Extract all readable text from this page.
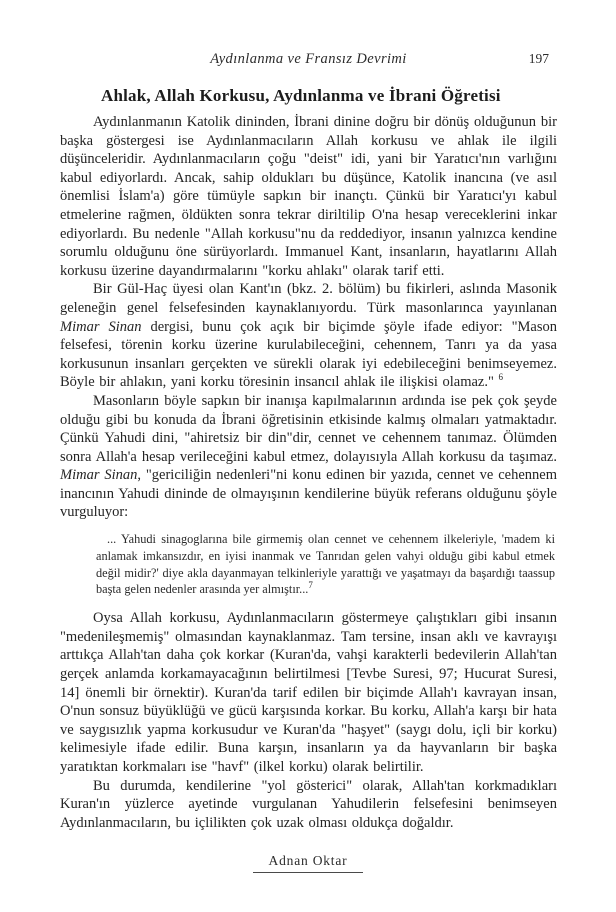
Aydınlanma ve Fransız Devrimi	197
Ahlak, Allah Korkusu, Aydınlanma ve İbrani Öğretisi

Aydınlanmanın Katolik dininden, İbrani dinine doğru bir dönüş olduğunun bir başka göstergesi ise Aydınlanmacıların Allah korkusu ve ahlak ile ilgili düşünceleridir. Aydınlanmacıların çoğu "deist" idi, yani bir Yaratıcı'nın varlığını kabul ediyorlardı. Ancak, sahip oldukları bu düşünce, Katolik inancına (ve asıl önemlisi İslam'a) göre tümüyle sapkın bir inançtı. Çünkü bir Yaratıcı'yı kabul etmelerine rağmen, öldükten sonra tekrar diriltilip O'na hesap vereceklerini inkar ediyorlardı. Bu nedenle "Allah korkusu"nu da reddediyor, insanın yalnızca kendine sorumlu olduğunu öne sürüyorlardı. Immanuel Kant, insanların, hayatlarını Allah korkusu üzerine dayandırmalarını "korku ahlakı" olarak tarif etti.

Bir Gül-Haç üyesi olan Kant'ın (bkz. 2. bölüm) bu fikirleri, aslında Masonik geleneğin genel felsefesinden kaynaklanıyordu. Türk masonlarınca yayınlanan Mimar Sinan dergisi, bunu çok açık bir biçimde şöyle ifade ediyor: "Mason felsefesi, törenin korku üzerine kurulabileceğini, cehennem, Tanrı ya da yasa korkusunun insanları gerçekten ve sürekli olarak iyi edebileceğini benimseyemez. Böyle bir ahlakın, yani korku töresinin insancıl ahlak ile ilişkisi olamaz." $^6$

Masonların böyle sapkın bir inanışa kapılmalarının ardında ise pek çok şeyde olduğu gibi bu konuda da İbrani öğretisinin etkisinde kalmış olmaları yatmaktadır. Çünkü Yahudi dini, "ahiretsiz bir din"dir, cennet ve cehennem tanımaz. Ölümden sonra Allah'a hesap verileceğini kabul etmez, dolayısıyla Allah korkusu da taşımaz. Mimar Sinan, "gericiliğin nedenleri"ni konu edinen bir yazıda, cennet ve cehennem inancının Yahudi dininde de olmayışının kendilerine büyük referans olduğunu şöyle vurguluyor:

... Yahudi sinagoglarına bile girmemiş olan cennet ve cehennem ilkeleriyle, 'madem ki anlamak imkansızdır, en iyisi inanmak ve Tanrıdan gelen vahyi olduğu gibi kabul etmek değil midir?' diye akla dayanmayan telkinleriyle yarattığı ve yaşatmayı da başardığı taassup başta gelen nedenler arasında yer almıştır...$^7$

Oysa Allah korkusu, Aydınlanmacıların göstermeye çalıştıkları gibi insanın "medenileşmemiş" olmasından kaynaklanmaz. Tam tersine, insan aklı ve kavrayışı arttıkça Allah'tan daha çok korkar (Kuran'da, vahşi karakterli bedevilerin Allah'tan gerçek anlamda korkamayacağının belirtilmesi [Tevbe Suresi, 97; Hucurat Suresi, 14] önemli bir örnektir). Kuran'da tarif edilen bir biçimde Allah'ı kavrayan insan, O'nun sonsuz büyüklüğü ve gücü karşısında korkar. Bu korku, Allah'a karşı bir hata ve saygısızlık yapma korkusudur ve Kuran'da "haşyet" (saygı dolu, içli bir korku) kelimesiyle ifade edilir. Buna karşın, insanların ya da hayvanların bir başka yaratıktan korkmaları ise "havf" (ilkel korku) olarak belirtilir.

Bu durumda, kendilerine "yol gösterici" olarak, Allah'tan korkmadıkları Kuran'ın yüzlerce ayetinde vurgulanan Yahudilerin felsefesini benimseyen Aydınlanmacıların, bu içlilikten çok uzak olması oldukça doğaldır.

Adnan Oktar
